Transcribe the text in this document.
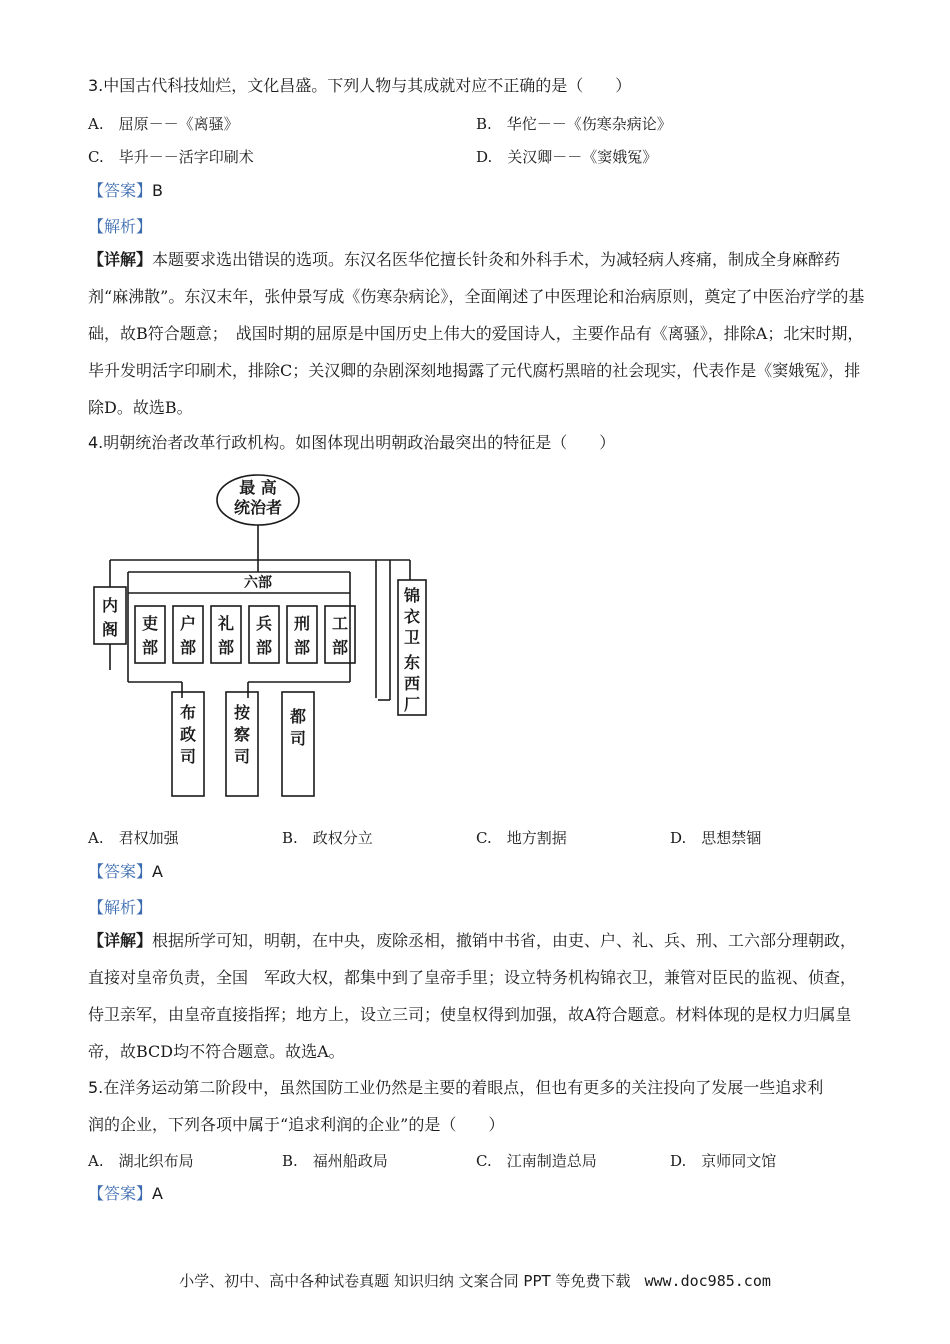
3.中国古代科技灿烂，文化昌盛。下列人物与其成就对应不正确的是（　　）
A.　屈原－－《离骚》	B.　华佗－－《伤寒杂病论》
C.　毕升－－活字印刷术	D.　关汉卿－－《窦娥冤》
【答案】B
【解析】
【详解】本题要求选出错误的选项。东汉名医华佗擅长针灸和外科手术，为减轻病人疼痛，制成全身麻醉药剂“麻沸散”。东汉末年，张仲景写成《伤寒杂病论》，全面阐述了中医理论和治病原则，奠定了中医治疗学的基础，故B符合题意；　战国时期的屈原是中国历史上伟大的爱国诗人，主要作品有《离骚》，排除A；北宋时期，毕升发明活字印刷术，排除C；关汉卿的杂剧深刻地揭露了元代腐朽黑暗的社会现实，代表作是《窦娥冤》，排除D。故选B。
4.明朝统治者改革行政机构。如图体现出明朝政治最突出的特征是（　　）
最 高
统治者
六部
内
阁 吏
部
户
部
礼
部
兵
部
刑
部
工
部
锦
衣
卫
东
西
厂
布
政
司
按
察
司
都
司
A.　君权加强	B.　政权分立	C.　地方割据	D.　思想禁锢
【答案】A
【解析】
【详解】根据所学可知，明朝，在中央，废除丞相，撤销中书省，由吏、户、礼、兵、刑、工六部分理朝政，直接对皇帝负责，全国　军政大权，都集中到了皇帝手里；设立特务机构锦衣卫，兼管对臣民的监视、侦查，侍卫亲军，由皇帝直接指挥；地方上，设立三司；使皇权得到加强，故A符合题意。材料体现的是权力归属皇帝，故BCD均不符合题意。故选A。
5.在洋务运动第二阶段中，虽然国防工业仍然是主要的着眼点，但也有更多的关注投向了发展一些追求利
润的企业，下列各项中属于“追求利润的企业”的是（　　）
A.　湖北织布局	B.　福州船政局	C.　江南制造总局	D.　京师同文馆
【答案】A
小学、初中、高中各种试卷真题 知识归纳 文案合同 PPT 等免费下载 www.doc985.com
